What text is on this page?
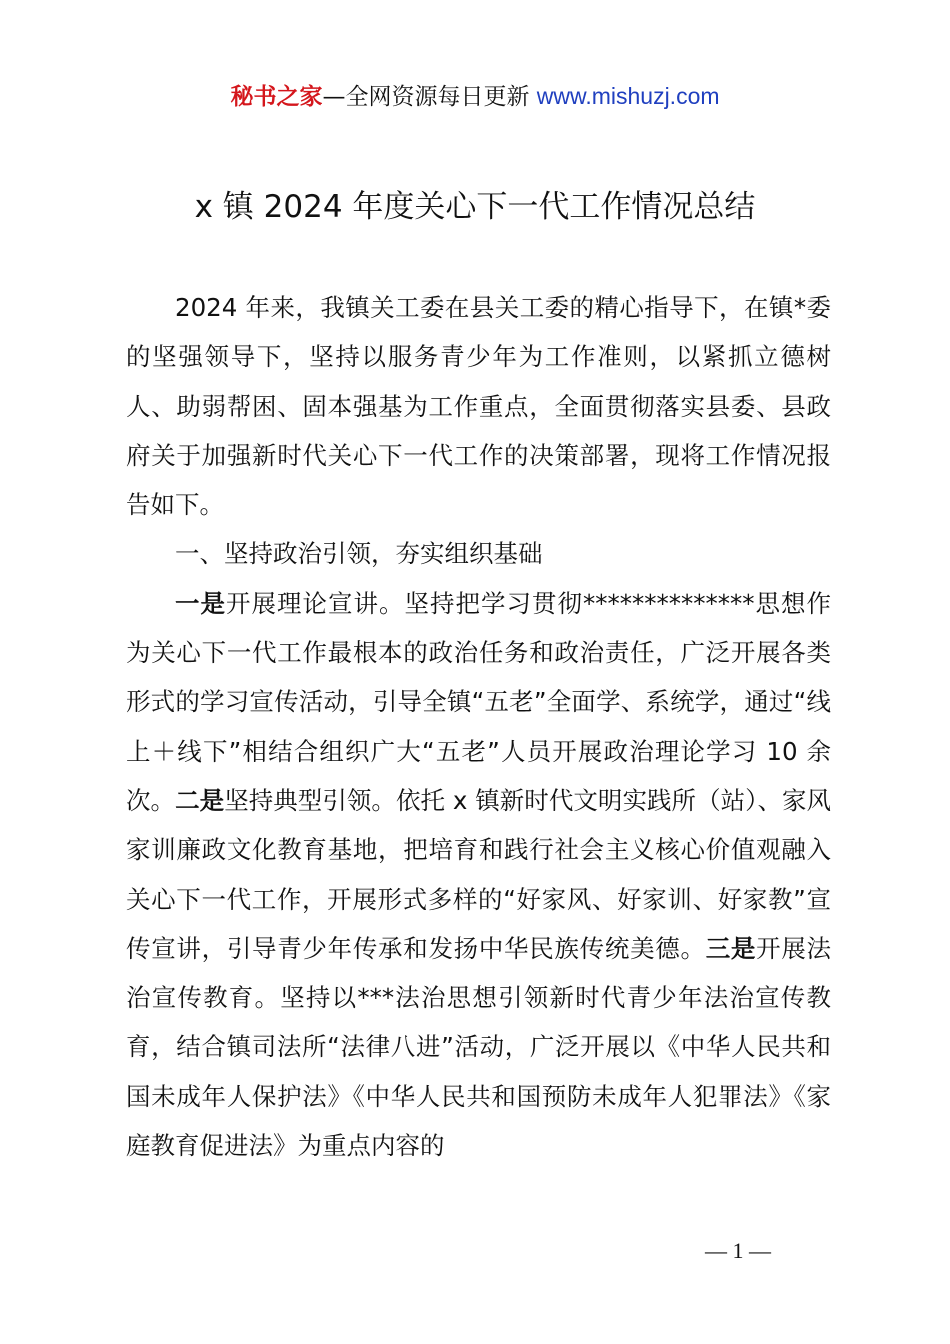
秘书之家—全网资源每日更新 www.mishuzj.com
x 镇 2024 年度关心下一代工作情况总结

2024 年来，我镇关工委在县关工委的精心指导下，在镇*委的坚强领导下，坚持以服务青少年为工作准则，以紧抓立德树人、助弱帮困、固本强基为工作重点，全面贯彻落实县委、县政府关于加强新时代关心下一代工作的决策部署，现将工作情况报告如下。

一、坚持政治引领，夯实组织基础

一是开展理论宣讲。坚持把学习贯彻**************思想作为关心下一代工作最根本的政治任务和政治责任，广泛开展各类形式的学习宣传活动，引导全镇“五老”全面学、系统学，通过“线上＋线下”相结合组织广大“五老”人员开展政治理论学习 10 余次。二是坚持典型引领。依托 x 镇新时代文明实践所（站）、家风家训廉政文化教育基地，把培育和践行社会主义核心价值观融入关心下一代工作，开展形式多样的“好家风、好家训、好家教”宣传宣讲，引导青少年传承和发扬中华民族传统美德。三是开展法治宣传教育。坚持以***法治思想引领新时代青少年法治宣传教育，结合镇司法所“法律八进”活动，广泛开展以《中华人民共和国未成年人保护法》《中华人民共和国预防未成年人犯罪法》《家庭教育促进法》为重点内容的

— 1 —
